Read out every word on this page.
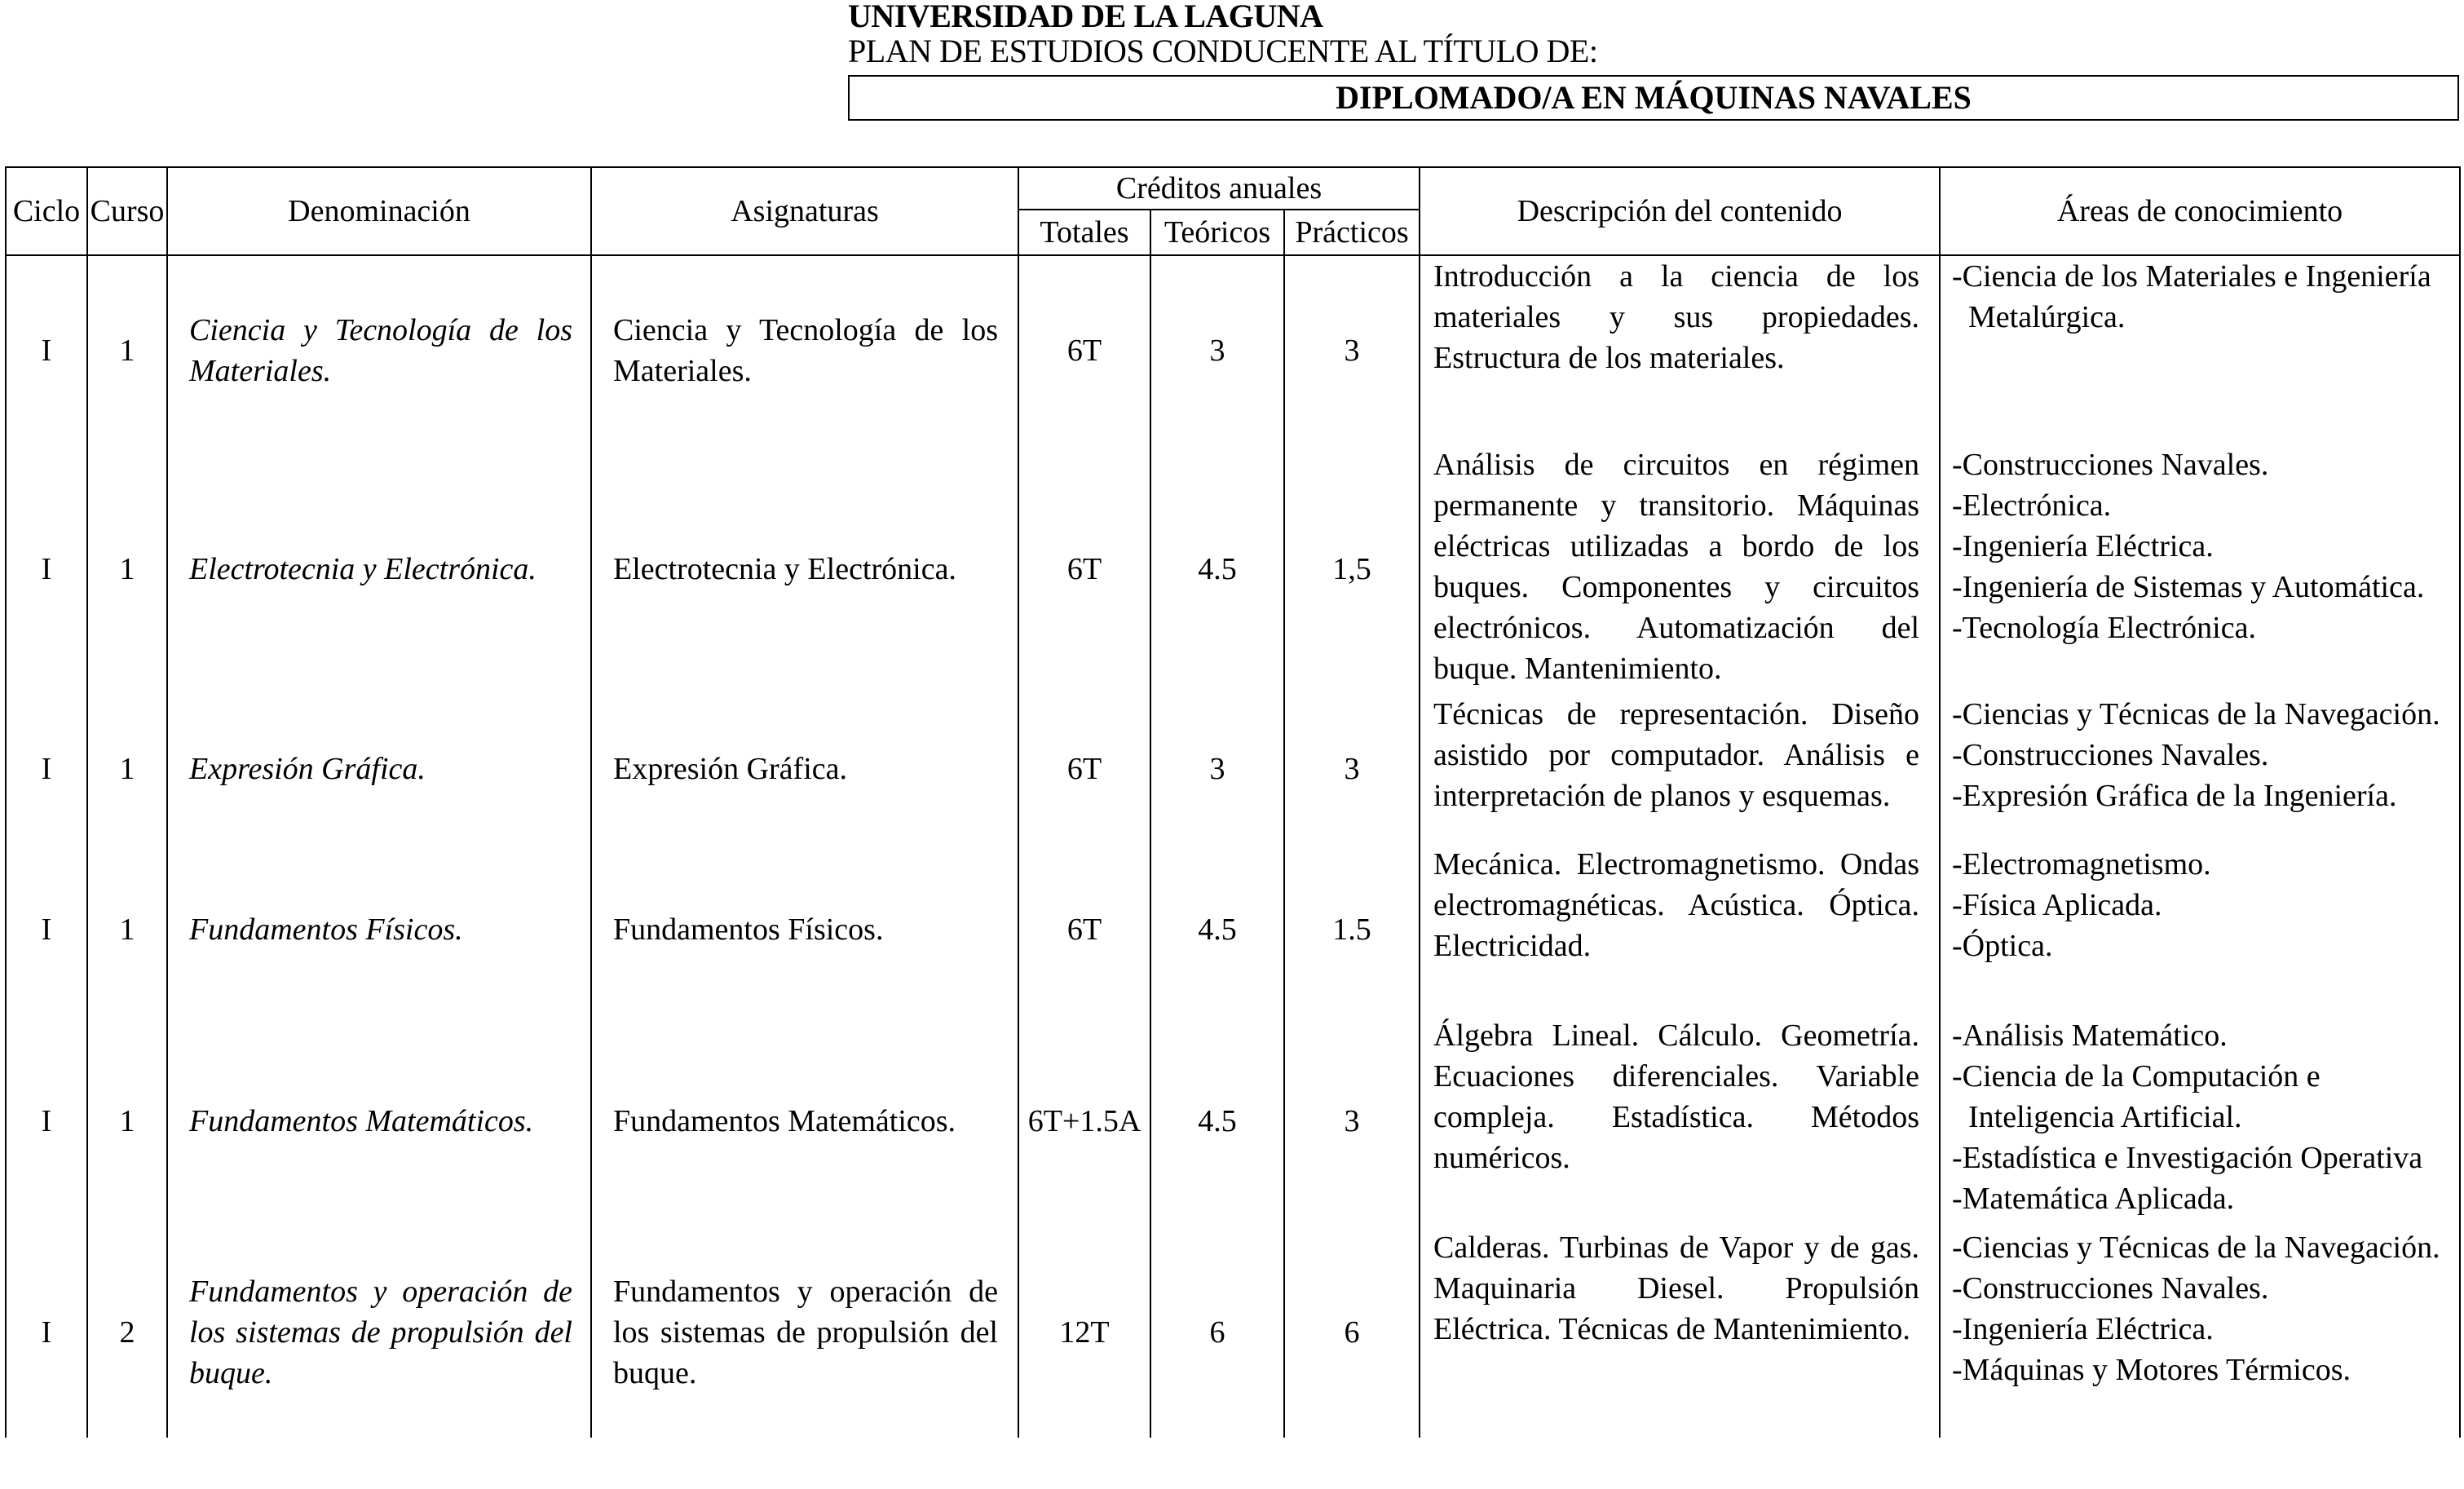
UNIVERSIDAD DE LA LAGUNA
PLAN DE ESTUDIOS CONDUCENTE AL TÍTULO DE:
DIPLOMADO/A EN MÁQUINAS NAVALES
Ciclo	Curso	Denominación	Asignaturas	Créditos anuales			Descripción del contenido	Áreas de conocimiento
				Totales	Teóricos	Prácticos		
I	1	Ciencia y Tecnología de los Materiales.	Ciencia y Tecnología de los Materiales.	6T	3	3	Introducción a la ciencia de los materiales y sus propiedades. Estructura de los materiales.	-Ciencia de los Materiales e Ingeniería Metalúrgica.

I	1	Electrotecnia y Electrónica.	Electrotecnia y Electrónica.	6T	4.5	1,5	Análisis de circuitos en régimen permanente y transitorio. Máquinas eléctricas utilizadas a bordo de los buques. Componentes y circuitos electrónicos. Automatización del buque. Mantenimiento.	-Construcciones Navales.
-Electrónica.
-Ingeniería Eléctrica.
-Ingeniería de Sistemas y Automática.
-Tecnología Electrónica.

I	1	Expresión Gráfica.	Expresión Gráfica.	6T	3	3	Técnicas de representación. Diseño asistido por computador. Análisis e interpretación de planos y esquemas.	-Ciencias y Técnicas de la Navegación.
-Construcciones Navales.
-Expresión Gráfica de la Ingeniería.

I	1	Fundamentos Físicos.	Fundamentos Físicos.	6T	4.5	1.5	Mecánica. Electromagnetismo. Ondas electromagnéticas. Acústica. Óptica. Electricidad.	-Electromagnetismo.
-Física Aplicada.
-Óptica.

I	1	Fundamentos Matemáticos.	Fundamentos Matemáticos.	6T+1.5A	4.5	3	Álgebra Lineal. Cálculo. Geometría. Ecuaciones diferenciales. Variable compleja. Estadística. Métodos numéricos.	-Análisis Matemático.
-Ciencia de la Computación e Inteligencia Artificial.
-Estadística e Investigación Operativa
-Matemática Aplicada.

I	2	Fundamentos y operación de los sistemas de propulsión del buque.	Fundamentos y operación de los sistemas de propulsión del buque.	12T	6	6	Calderas. Turbinas de Vapor y de gas. Maquinaria Diesel. Propulsión Eléctrica. Técnicas de Mantenimiento.	-Ciencias y Técnicas de la Navegación.
-Construcciones Navales.
-Ingeniería Eléctrica.
-Máquinas y Motores Térmicos.
